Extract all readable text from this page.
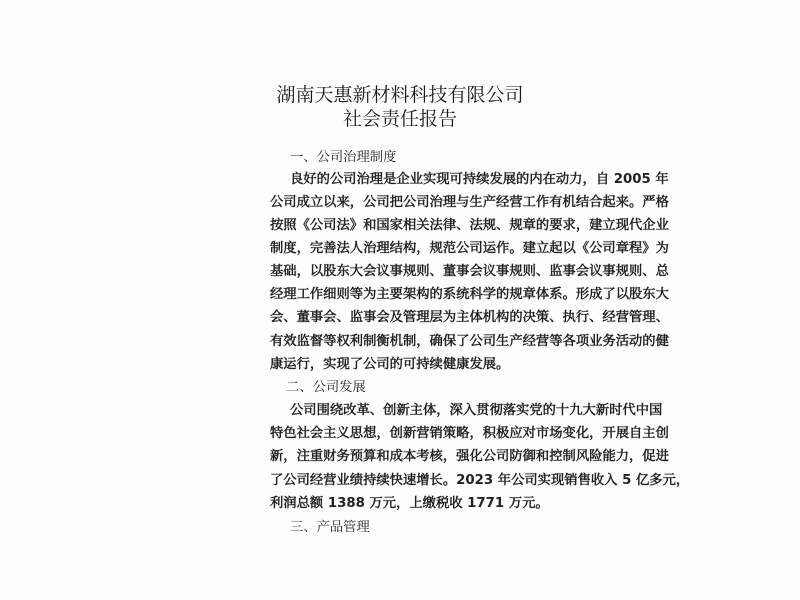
湖南天惠新材料科技有限公司
社会责任报告
一、公司治理制度
良好的公司治理是企业实现可持续发展的内在动力，自 2005 年
公司成立以来，公司把公司治理与生产经营工作有机结合起来。严格
按照《公司法》和国家相关法律、法规、规章的要求，建立现代企业
制度，完善法人治理结构，规范公司运作。建立起以《公司章程》为
基础，以股东大会议事规则、董事会议事规则、监事会议事规则、总
经理工作细则等为主要架构的系统科学的规章体系。形成了以股东大
会、董事会、监事会及管理层为主体机构的决策、执行、经营管理、
有效监督等权利制衡机制，确保了公司生产经营等各项业务活动的健
康运行，实现了公司的可持续健康发展。
二、公司发展
公司围绕改革、创新主体，深入贯彻落实党的十九大新时代中国
特色社会主义思想，创新营销策略，积极应对市场变化，开展自主创
新，注重财务预算和成本考核，强化公司防御和控制风险能力，促进
了公司经营业绩持续快速增长。2023 年公司实现销售收入 5 亿多元，
利润总额 1388 万元，上缴税收 1771 万元。
三、产品管理
